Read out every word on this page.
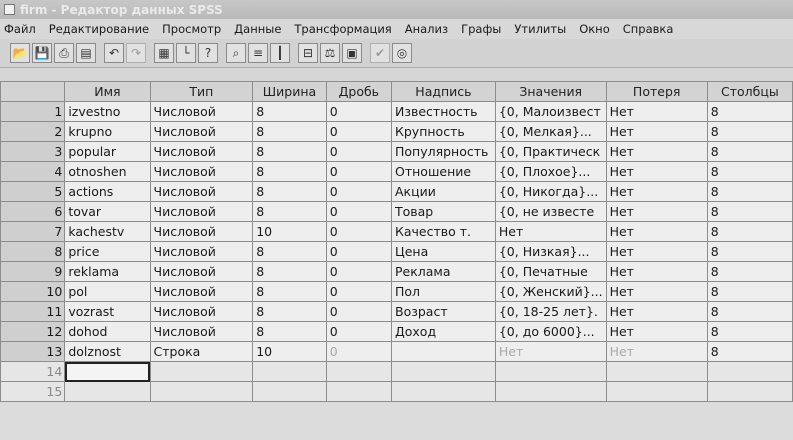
firm - Редактор данных SPSS
Файл Редактирование Просмотр Данные Трансформация Анализ Графы Утилиты Окно Справка
📂 💾 ⎙ ▤	↶ ↷	▦	└	?	⌕	≡	┃	⊟ ⚖ ▣	✔ ◎
	Имя	Тип	Ширина	Дробь	Надпись	Значения	Потеря	Столбцы
1	izvestno	Числовой	8	0	Известность	{0, Малоизвест	Нет	8
2	krupno	Числовой	8	0	Крупность	{0, Мелкая}...	Нет	8
3	popular	Числовой	8	0	Популярность	{0, Практическ	Нет	8
4	otnoshen	Числовой	8	0	Отношение	{0, Плохое}...	Нет	8
5	actions	Числовой	8	0	Акции	{0, Никогда}...	Нет	8
6	tovar	Числовой	8	0	Товар	{0, не известе	Нет	8
7	kachestv	Числовой	10	0	Качество т.	Нет	Нет	8
8	price	Числовой	8	0	Цена	{0, Низкая}...	Нет	8
9	reklama	Числовой	8	0	Реклама	{0, Печатные	Нет	8
10	pol	Числовой	8	0	Пол	{0, Женский}...	Нет	8
11	vozrast	Числовой	8	0	Возраст	{0, 18-25 лет}.	Нет	8
12	dohod	Числовой	8	0	Доход	{0, до 6000}...	Нет	8
13	dolznost	Строка	10	0		Нет	Нет	8
14								
15								
